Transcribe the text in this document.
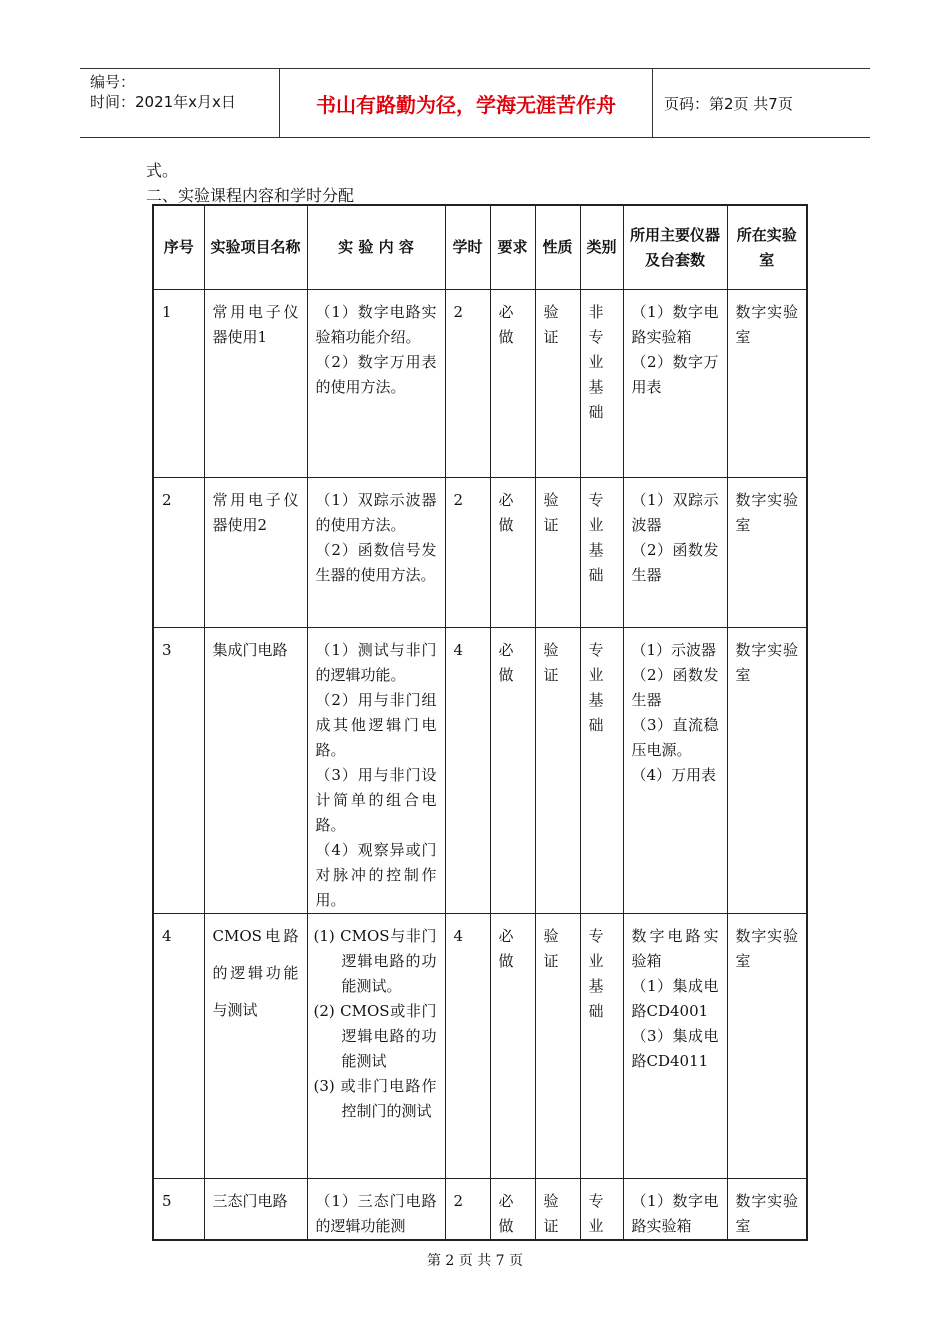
编号：
时间：2021年x月x日	书山有路勤为径，学海无涯苦作舟	页码：第2页 共7页
式。
二、实验课程内容和学时分配
序号	实验项目名称	实 验 内 容	学时	要求	性质	类别	所用主要仪器及台套数	所在实验室
1	常用电子仪器使用1	（1）数字电路实验箱功能介绍。
（2）数字万用表的使用方法。	2	必做	验证	非专业基础	（1）数字电路实验箱
（2）数字万用表	数字实验室
2	常用电子仪器使用2	（1）双踪示波器的使用方法。
（2）函数信号发生器的使用方法。	2	必做	验证	专业基础	（1）双踪示波器
（2）函数发生器	数字实验室
3	集成门电路	（1）测试与非门的逻辑功能。
（2）用与非门组成其他逻辑门电路。
（3）用与非门设计简单的组合电路。
（4）观察异或门对脉冲的控制作用。	4	必做	验证	专业基础	（1）示波器
（2）函数发生器
（3）直流稳压电源。
（4）万用表	数字实验室
4	CMOS电路的逻辑功能与测试	(1) CMOS与非门逻辑电路的功能测试。
(2) CMOS或非门逻辑电路的功能测试
(3) 或非门电路作控制门的测试	4	必做	验证	专业基础	数字电路实验箱
（1）集成电路CD4001
（3）集成电路CD4011	数字实验室
5	三态门电路	（1）三态门电路的逻辑功能测	2	必做	验证	专业	（1）数字电路实验箱	数字实验室
第 2 页 共 7 页
